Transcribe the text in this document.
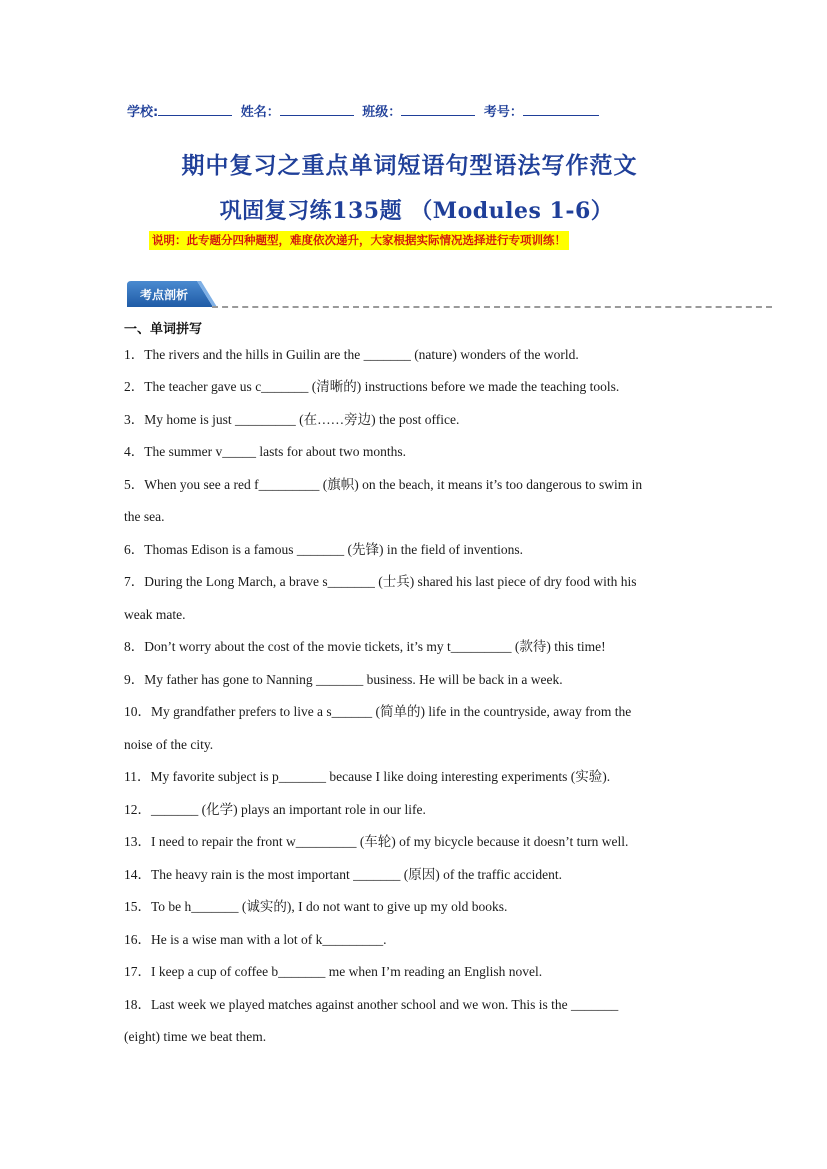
学校:	姓名：	班级：	考号：
期中复习之重点单词短语句型语法写作范文
巩固复习练135题 （Modules 1-6）
说明：此专题分四种题型，难度依次递升，大家根据实际情况选择进行专项训练！
考点剖析
一、单词拼写
1．The rivers and the hills in Guilin are the _______ (nature) wonders of the world.
2．The teacher gave us c_______ (清晰的) instructions before we made the teaching tools.
3．My home is just _________ (在……旁边) the post office.
4．The summer v_____ lasts for about two months.
5．When you see a red f_________ (旗帜) on the beach, it means it’s too dangerous to swim in
the sea.
6．Thomas Edison is a famous _______ (先锋) in the field of inventions.
7．During the Long March, a brave s_______ (士兵) shared his last piece of dry food with his
weak mate.
8．Don’t worry about the cost of the movie tickets, it’s my t_________ (款待) this time!
9．My father has gone to Nanning _______ business. He will be back in a week.
10．My grandfather prefers to live a s______ (简单的) life in the countryside, away from the
noise of the city.
11．My favorite subject is p_______ because I like doing interesting experiments (实验).
12．_______ (化学) plays an important role in our life.
13．I need to repair the front w_________ (车轮) of my bicycle because it doesn’t turn well.
14．The heavy rain is the most important _______ (原因) of the traffic accident.
15．To be h_______ (诚实的), I do not want to give up my old books.
16．He is a wise man with a lot of k_________.
17．I keep a cup of coffee b_______ me when I’m reading an English novel.
18．Last week we played matches against another school and we won. This is the _______
(eight) time we beat them.
